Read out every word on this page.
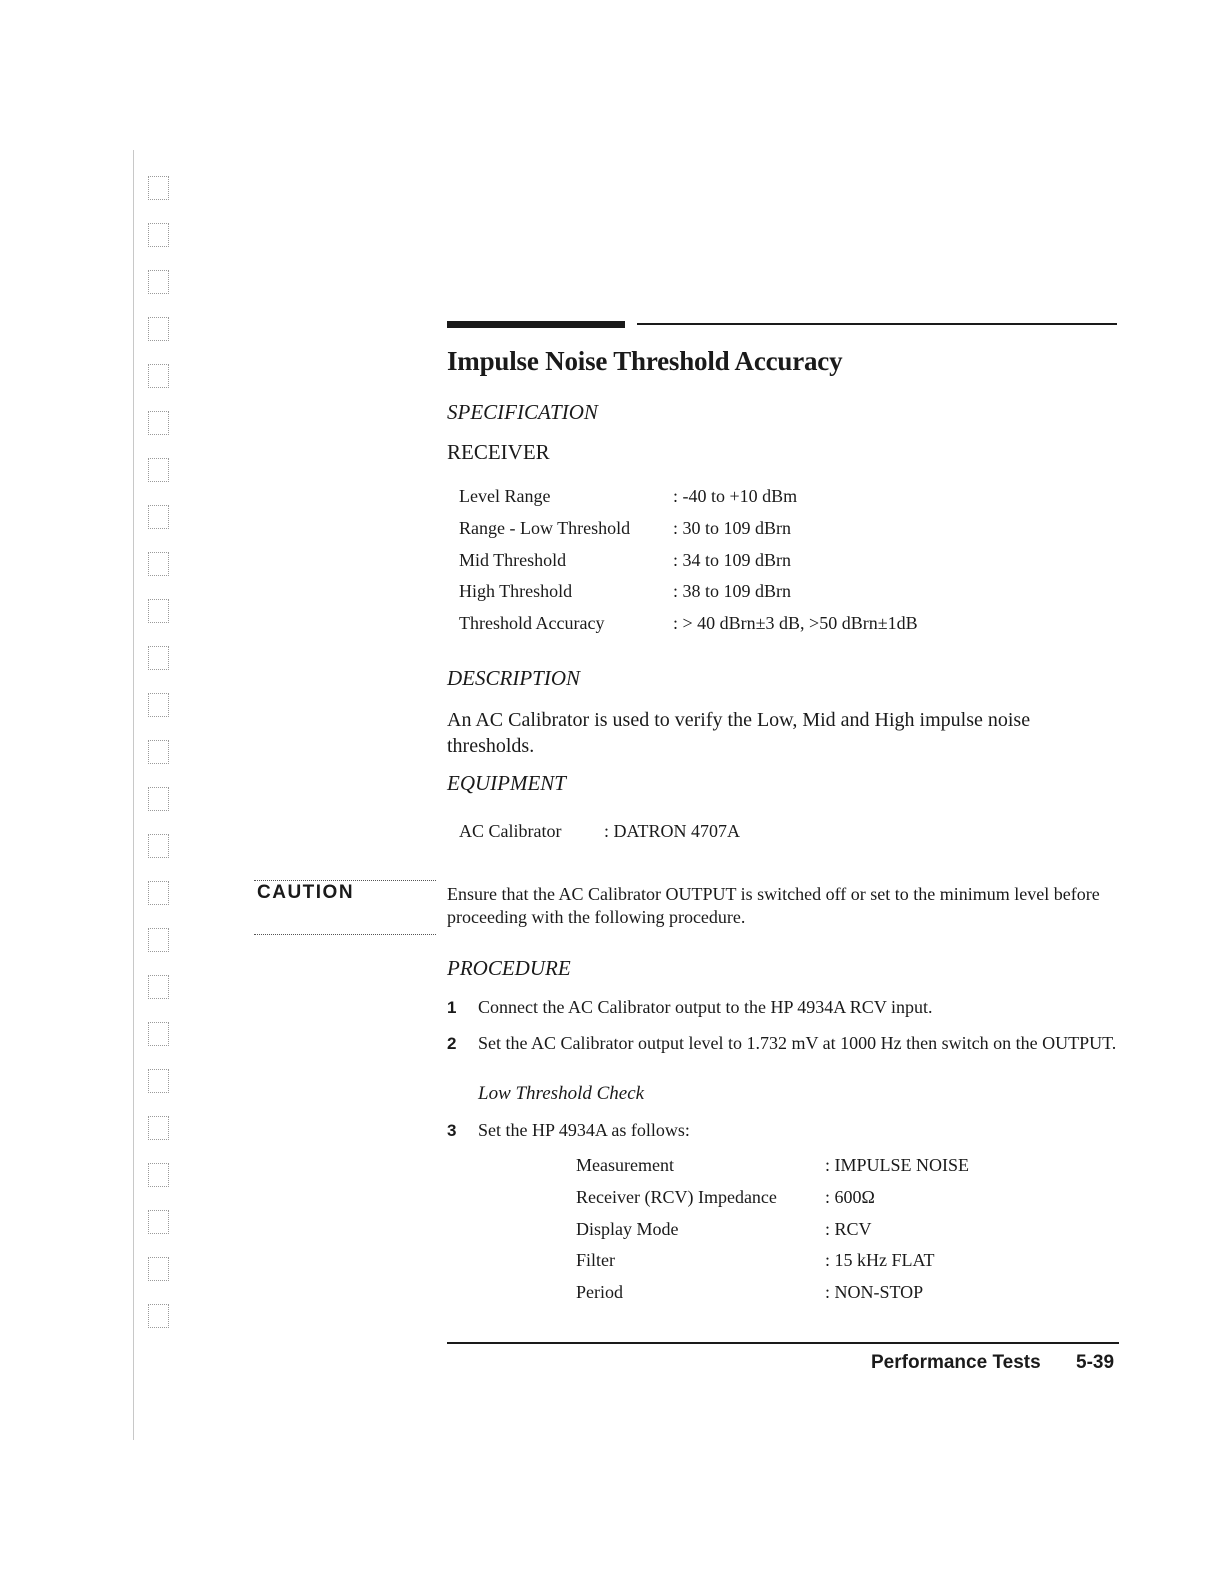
Impulse Noise Threshold Accuracy

SPECIFICATION

RECEIVER

Level Range	: -40 to +10 dBm
Range - Low Threshold	: 30 to 109 dBrn
Mid Threshold	: 34 to 109 dBrn
High Threshold	: 38 to 109 dBrn
Threshold Accuracy	: > 40 dBrn±3 dB, >50 dBrn±1dB

DESCRIPTION

An AC Calibrator is used to verify the Low, Mid and High impulse noise thresholds.

EQUIPMENT

AC Calibrator	: DATRON 4707A

CAUTION	Ensure that the AC Calibrator OUTPUT is switched off or set to the minimum level before proceeding with the following procedure.

PROCEDURE

1	Connect the AC Calibrator output to the HP 4934A RCV input.
2	Set the AC Calibrator output level to 1.732 mV at 1000 Hz then switch on the OUTPUT.

Low Threshold Check

3	Set the HP 4934A as follows:
Measurement	: IMPULSE NOISE
Receiver (RCV) Impedance	: 600Ω
Display Mode	: RCV
Filter	: 15 kHz FLAT
Period	: NON-STOP

Performance Tests 5-39
